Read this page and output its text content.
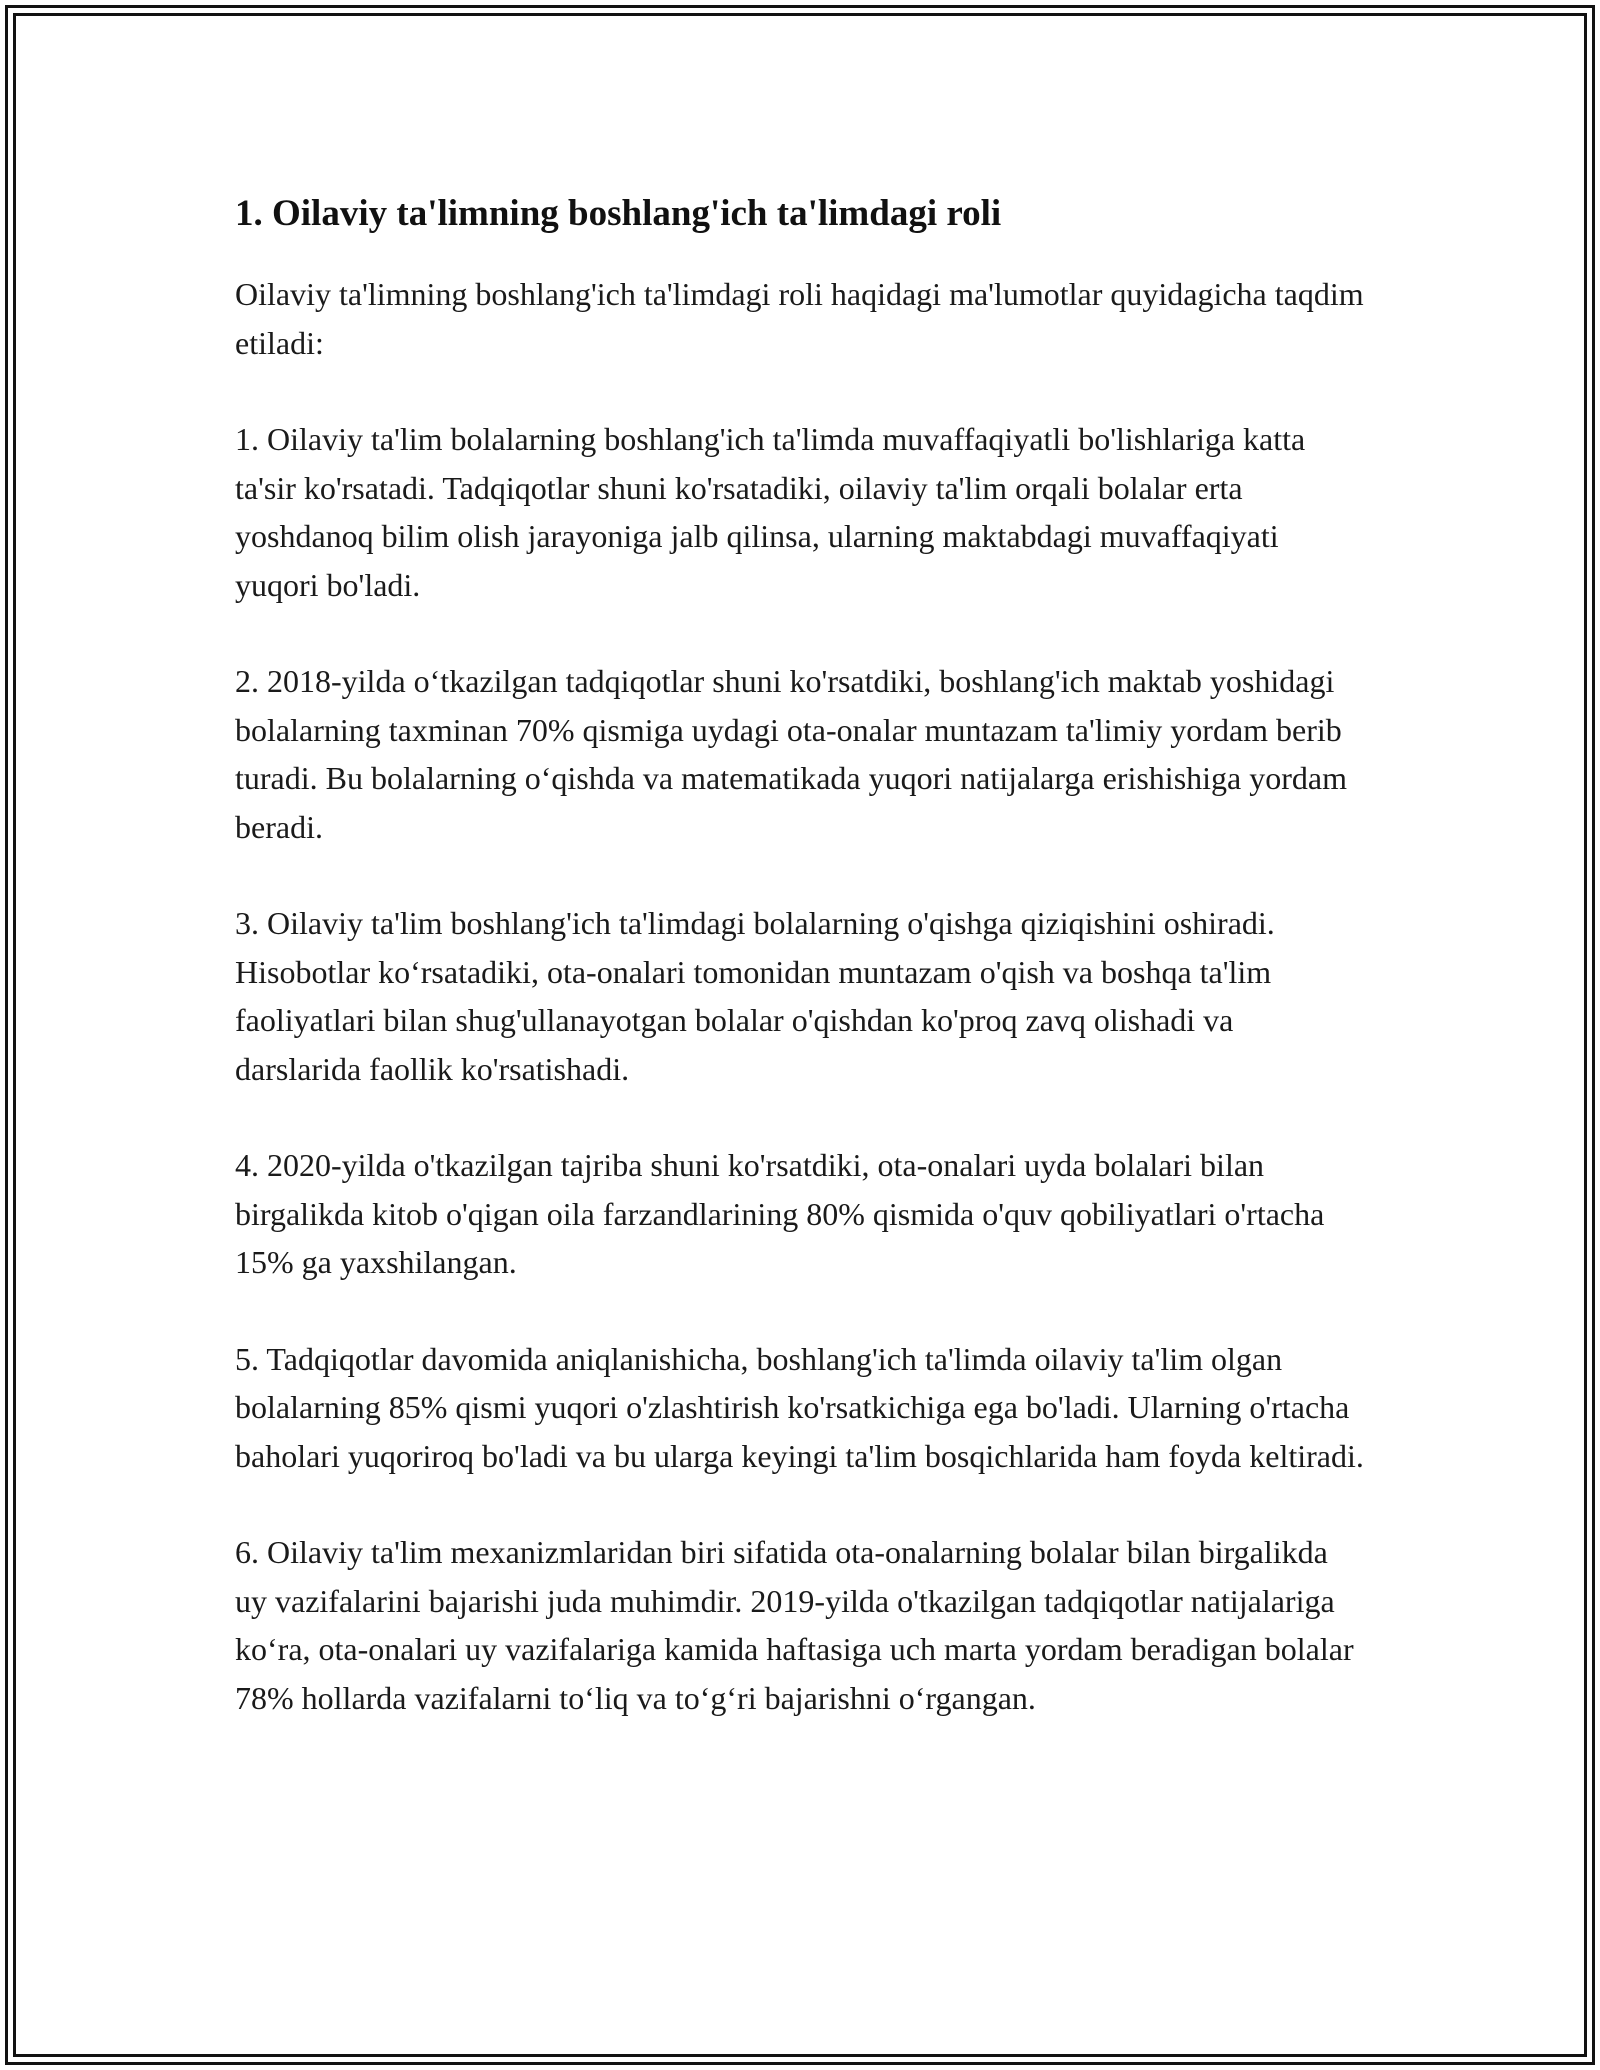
1. Oilaviy ta'limning boshlang'ich ta'limdagi roli

Oilaviy ta'limning boshlang'ich ta'limdagi roli haqidagi ma'lumotlar quyidagicha taqdim etiladi:

1. Oilaviy ta'lim bolalarning boshlang'ich ta'limda muvaffaqiyatli bo'lishlariga katta ta'sir ko'rsatadi. Tadqiqotlar shuni ko'rsatadiki, oilaviy ta'lim orqali bolalar erta yoshdanoq bilim olish jarayoniga jalb qilinsa, ularning maktabdagi muvaffaqiyati yuqori bo'ladi.

2. 2018-yilda o‘tkazilgan tadqiqotlar shuni ko'rsatdiki, boshlang'ich maktab yoshidagi bolalarning taxminan 70% qismiga uydagi ota-onalar muntazam ta'limiy yordam berib turadi. Bu bolalarning o‘qishda va matematikada yuqori natijalarga erishishiga yordam beradi.

3. Oilaviy ta'lim boshlang'ich ta'limdagi bolalarning o'qishga qiziqishini oshiradi. Hisobotlar ko‘rsatadiki, ota-onalari tomonidan muntazam o'qish va boshqa ta'lim faoliyatlari bilan shug'ullanayotgan bolalar o'qishdan ko'proq zavq olishadi va darslarida faollik ko'rsatishadi.

4. 2020-yilda o'tkazilgan tajriba shuni ko'rsatdiki, ota-onalari uyda bolalari bilan birgalikda kitob o'qigan oila farzandlarining 80% qismida o'quv qobiliyatlari o'rtacha 15% ga yaxshilangan.

5. Tadqiqotlar davomida aniqlanishicha, boshlang'ich ta'limda oilaviy ta'lim olgan bolalarning 85% qismi yuqori o'zlashtirish ko'rsatkichiga ega bo'ladi. Ularning o'rtacha baholari yuqoriroq bo'ladi va bu ularga keyingi ta'lim bosqichlarida ham foyda keltiradi.

6. Oilaviy ta'lim mexanizmlaridan biri sifatida ota-onalarning bolalar bilan birgalikda uy vazifalarini bajarishi juda muhimdir. 2019-yilda o'tkazilgan tadqiqotlar natijalariga ko‘ra, ota-onalari uy vazifalariga kamida haftasiga uch marta yordam beradigan bolalar 78% hollarda vazifalarni to‘liq va to‘g‘ri bajarishni o‘rgangan.
